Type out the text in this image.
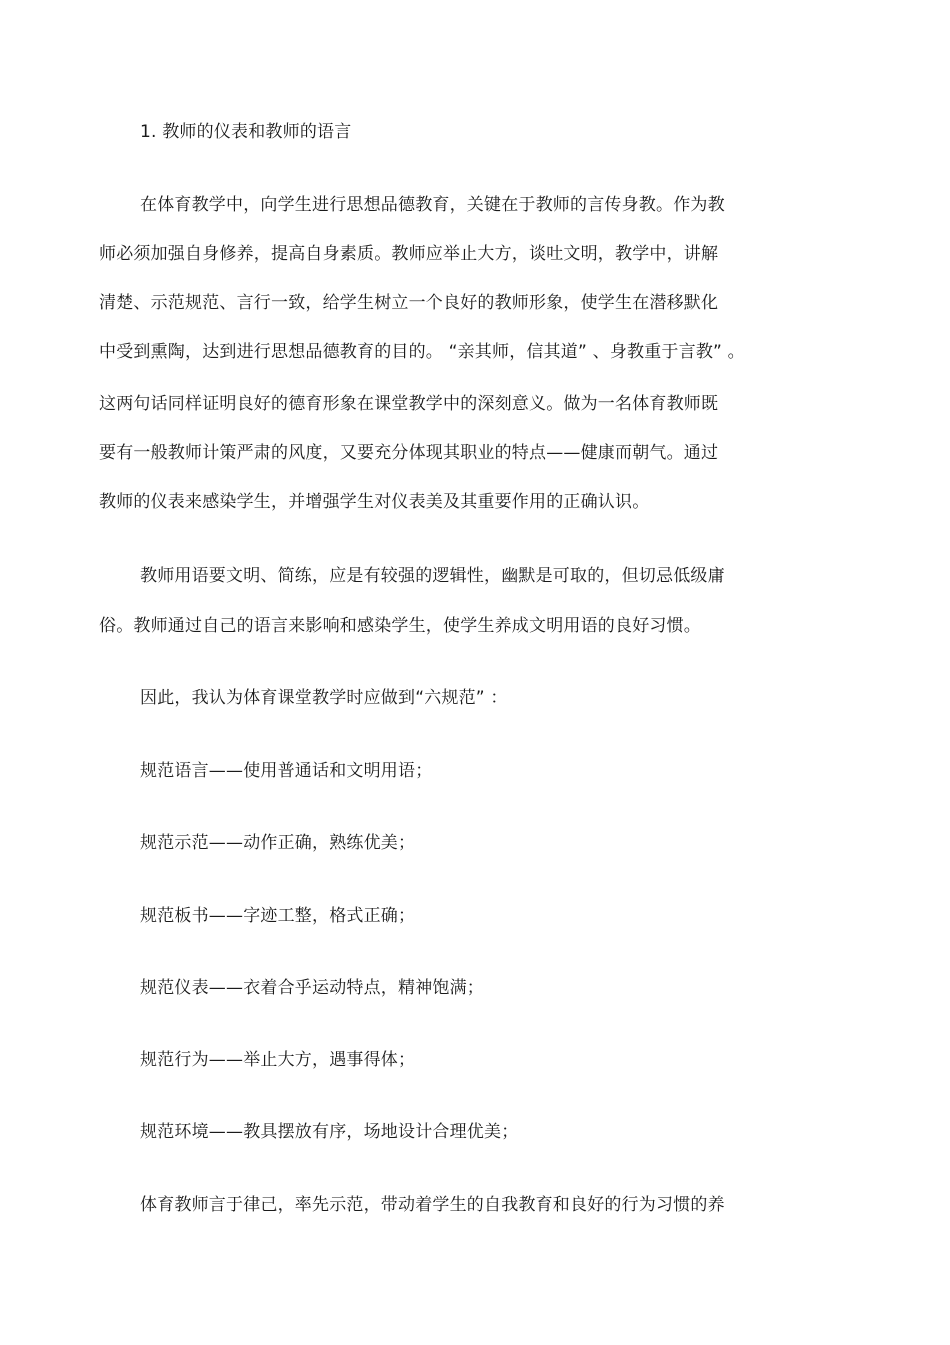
1. 教师的仪表和教师的语言
在体育教学中，向学生进行思想品德教育，关键在于教师的言传身教。作为教
师必须加强自身修养，提高自身素质。教师应举止大方，谈吐文明，教学中，讲解
清楚、示范规范、言行一致，给学生树立一个良好的教师形象，使学生在潜移默化
中受到熏陶，达到进行思想品德教育的目的。 “亲其师，信其道” 、身教重于言教” 。
这两句话同样证明良好的德育形象在课堂教学中的深刻意义。做为一名体育教师既
要有一般教师计策严肃的风度，又要充分体现其职业的特点——健康而朝气。通过
教师的仪表来感染学生，并增强学生对仪表美及其重要作用的正确认识。
教师用语要文明、简练，应是有较强的逻辑性，幽默是可取的，但切忌低级庸
俗。教师通过自己的语言来影响和感染学生，使学生养成文明用语的良好习惯。
因此，我认为体育课堂教学时应做到“六规范” ：
规范语言——使用普通话和文明用语；
规范示范——动作正确，熟练优美；
规范板书——字迹工整，格式正确；
规范仪表——衣着合乎运动特点，精神饱满；
规范行为——举止大方，遇事得体；
规范环境——教具摆放有序，场地设计合理优美；
体育教师言于律己，率先示范，带动着学生的自我教育和良好的行为习惯的养
